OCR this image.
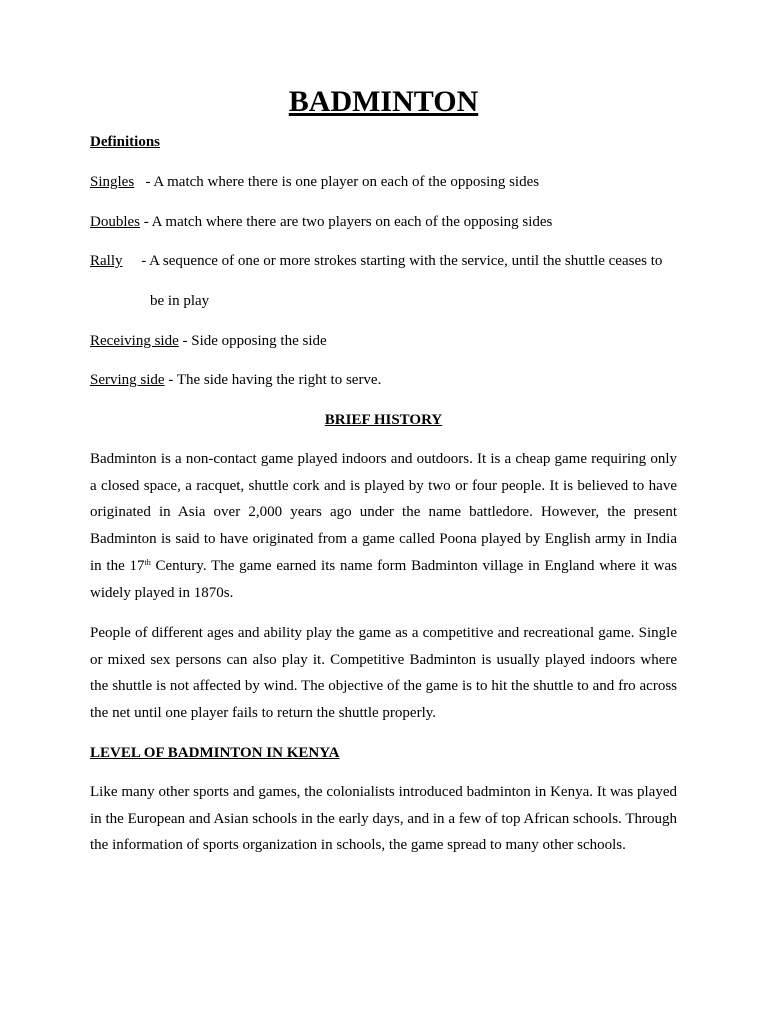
BADMINTON
Definitions

Singles   - A match where there is one player on each of the opposing sides

Doubles - A match where there are two players on each of the opposing sides

Rally     - A sequence of one or more strokes starting with the service, until the shuttle ceases to

be in play

Receiving side - Side opposing the side

Serving side - The side having the right to serve.

BRIEF HISTORY

Badminton is a non-contact game played indoors and outdoors. It is a cheap game requiring only a closed space, a racquet, shuttle cork and is played by two or four people. It is believed to have originated in Asia over 2,000 years ago under the name battledore. However, the present Badminton is said to have originated from a game called Poona played by English army in India in the 17th Century. The game earned its name form Badminton village in England where it was widely played in 1870s.

People of different ages and ability play the game as a competitive and recreational game. Single or mixed sex persons can also play it. Competitive Badminton is usually played indoors where the shuttle is not affected by wind. The objective of the game is to hit the shuttle to and fro across the net until one player fails to return the shuttle properly.

LEVEL OF BADMINTON IN KENYA

Like many other sports and games, the colonialists introduced badminton in Kenya. It was played in the European and Asian schools in the early days, and in a few of top African schools. Through the information of sports organization in schools, the game spread to many other schools.
